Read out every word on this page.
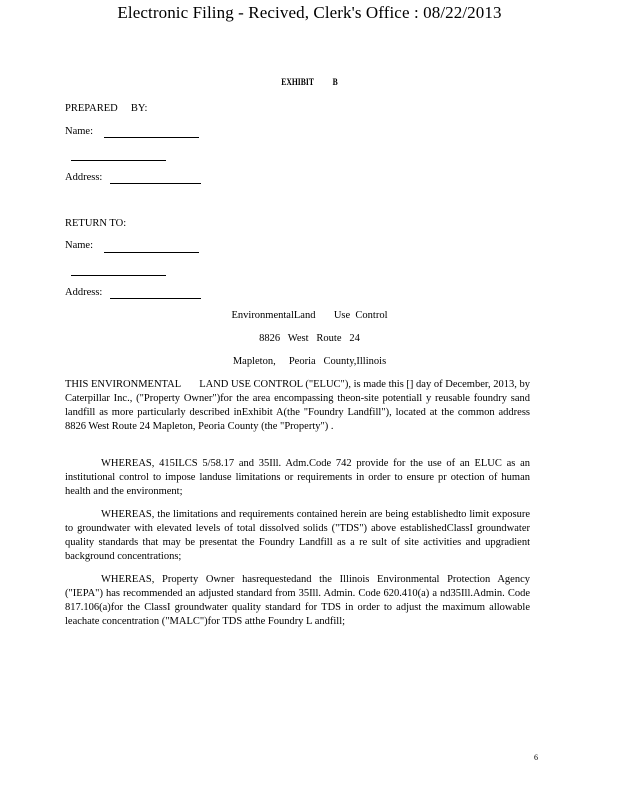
Electronic Filing - Recived, Clerk's Office : 08/22/2013
EXHIBIT B
PREPARED     BY:
Name:
Address:
RETURN TO:
Name:
Address:
EnvironmentalLand       Use  Control
8826   West   Route   24
Mapleton,     Peoria   County,Illinois

THIS ENVIRONMENTAL       LAND USE CONTROL ("ELUC"), is made this [] day of December, 2013, by Caterpillar Inc., ("Property Owner")for the area encompassing theon-site potentiall y reusable foundry sand landfill as more particularly described inExhibit A(the "Foundry Landfill"), located at the common address 8826 West Route 24 Mapleton, Peoria County (the "Property") .

WHEREAS, 415ILCS 5/58.17 and 35Ill. Adm.Code 742 provide for the use of an ELUC as an institutional control to impose landuse limitations or requirements in order to ensure pr otection of human health and the environment;

WHEREAS, the limitations and requirements contained herein are being establishedto limit exposure to groundwater with elevated levels of total dissolved solids ("TDS") above establishedClassI groundwater quality standards that may be presentat the Foundry Landfill as a re sult of site activities and upgradient background concentrations;

WHEREAS, Property Owner hasrequestedand the Illinois Environmental Protection Agency ("IEPA") has recommended an adjusted standard from 35Ill. Admin. Code 620.410(a) a nd35Ill.Admin. Code 817.106(a)for the ClassI groundwater quality standard for TDS in order to adjust the maximum allowable leachate concentration ("MALC")for TDS atthe Foundry L andfill;

6
